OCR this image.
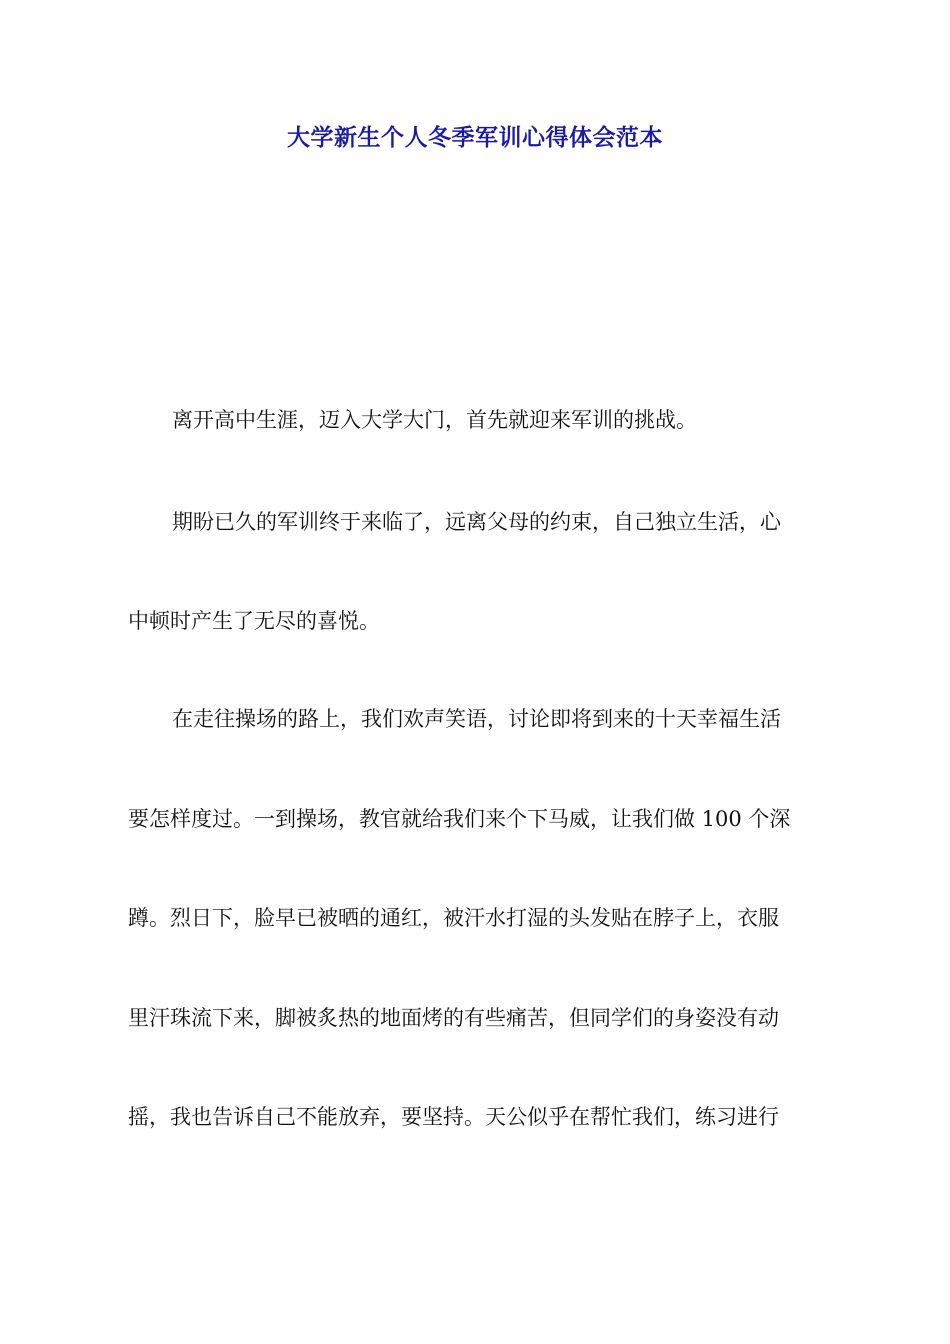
大学新生个人冬季军训心得体会范本
离开高中生涯，迈入大学大门，首先就迎来军训的挑战。
期盼已久的军训终于来临了，远离父母的约束，自己独立生活，心
中顿时产生了无尽的喜悦。
在走往操场的路上，我们欢声笑语，讨论即将到来的十天幸福生活
要怎样度过。一到操场，教官就给我们来个下马威，让我们做 100 个深
蹲。烈日下，脸早已被晒的通红，被汗水打湿的头发贴在脖子上，衣服
里汗珠流下来，脚被炙热的地面烤的有些痛苦，但同学们的身姿没有动
摇，我也告诉自己不能放弃，要坚持。天公似乎在帮忙我们，练习进行
